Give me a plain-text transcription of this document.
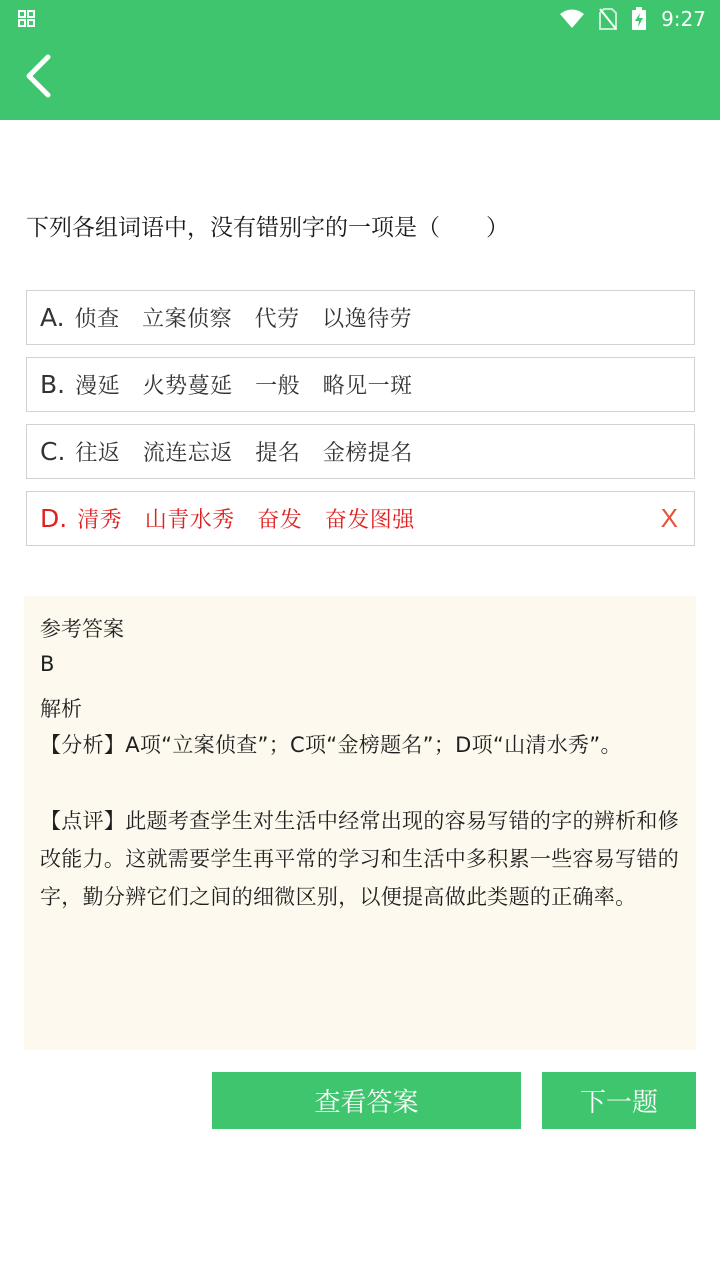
9:27
下列各组词语中，没有错别字的一项是（　　）
A. 侦查　立案侦察　代劳　以逸待劳
B. 漫延　火势蔓延　一般　略见一斑
C. 往返　流连忘返　提名　金榜提名
D. 清秀　山青水秀　奋发　奋发图强	X
参考答案
B
解析
【分析】A项“立案侦查”；C项“金榜题名”；D项“山清水秀”。

【点评】此题考查学生对生活中经常出现的容易写错的字的辨析和修改能力。这就需要学生再平常的学习和生活中多积累一些容易写错的字，勤分辨它们之间的细微区别，以便提高做此类题的正确率。
查看答案	下一题
